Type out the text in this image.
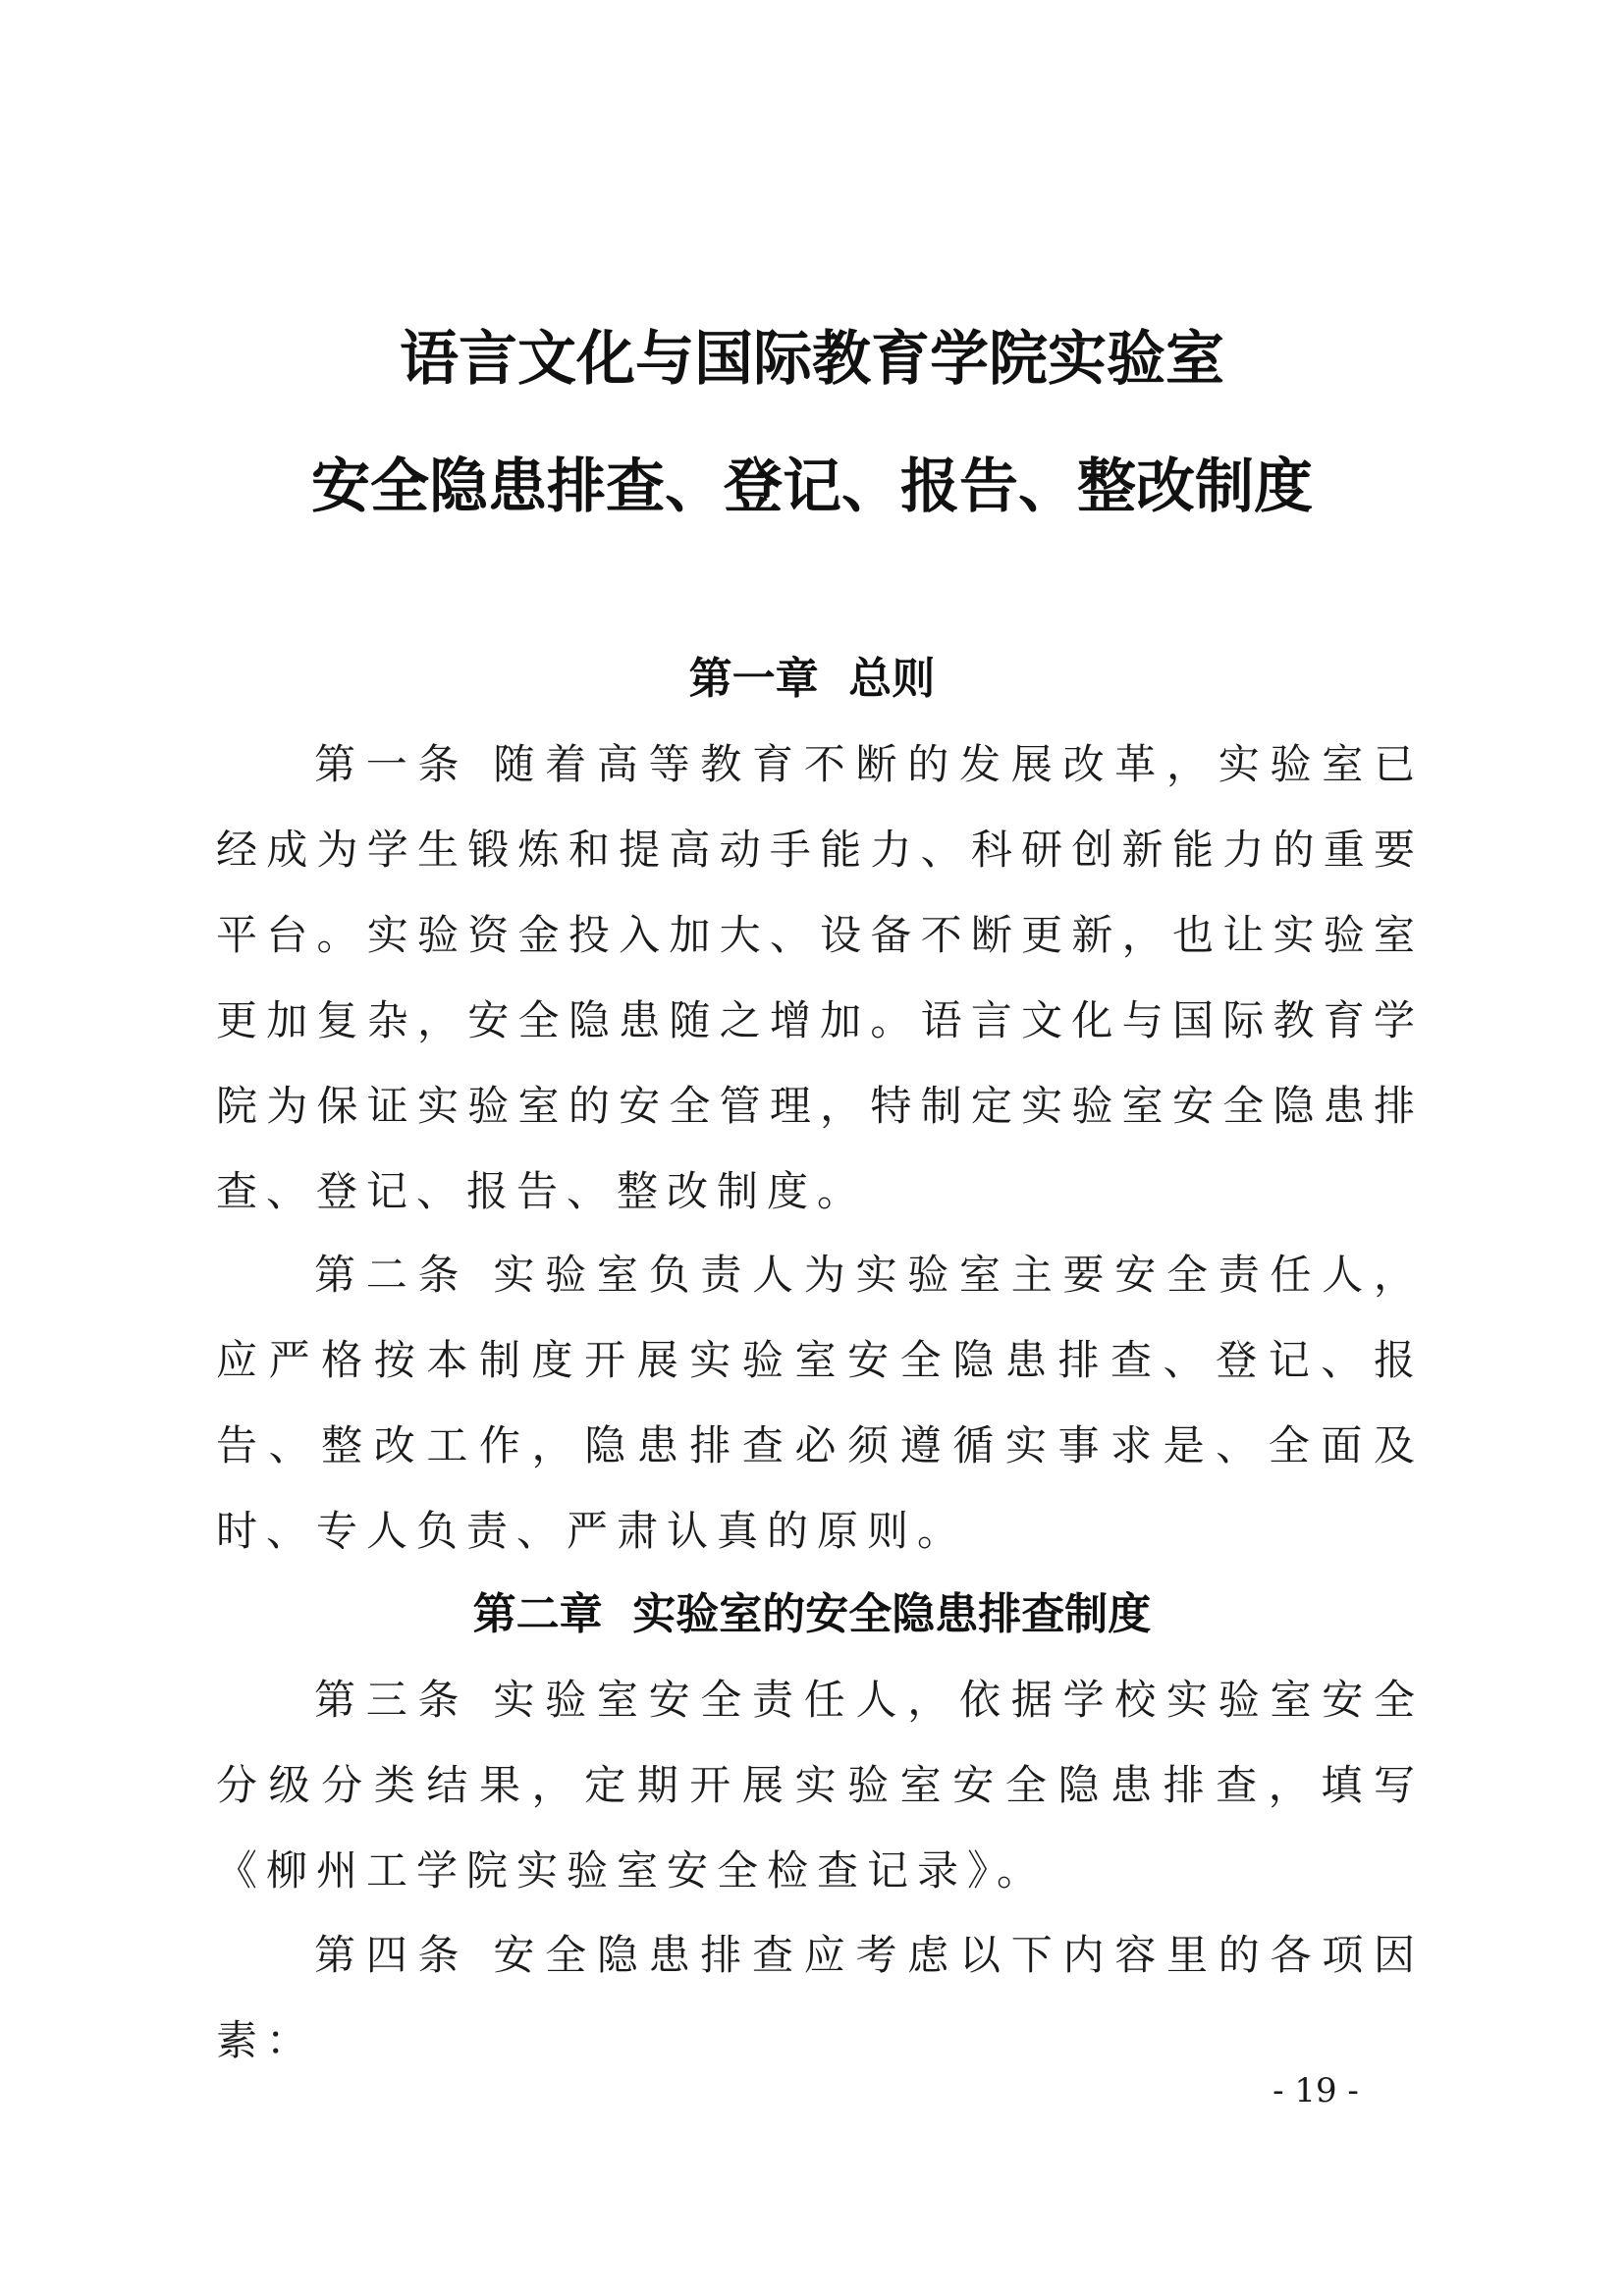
语言文化与国际教育学院实验室
安全隐患排查、登记、报告、整改制度
第一章  总则

第一条 随着高等教育不断的发展改革，实验室已经成为学生锻炼和提高动手能力、科研创新能力的重要平台。实验资金投入加大、设备不断更新，也让实验室更加复杂，安全隐患随之增加。语言文化与国际教育学院为保证实验室的安全管理，特制定实验室安全隐患排查、登记、报告、整改制度。

第二条 实验室负责人为实验室主要安全责任人，应严格按本制度开展实验室安全隐患排查、登记、报告、整改工作，隐患排查必须遵循实事求是、全面及时、专人负责、严肃认真的原则。

第二章  实验室的安全隐患排查制度

第三条 实验室安全责任人，依据学校实验室安全分级分类结果，定期开展实验室安全隐患排查，填写《柳州工学院实验室安全检查记录》。

第四条 安全隐患排查应考虑以下内容里的各项因素：

- 19 -
